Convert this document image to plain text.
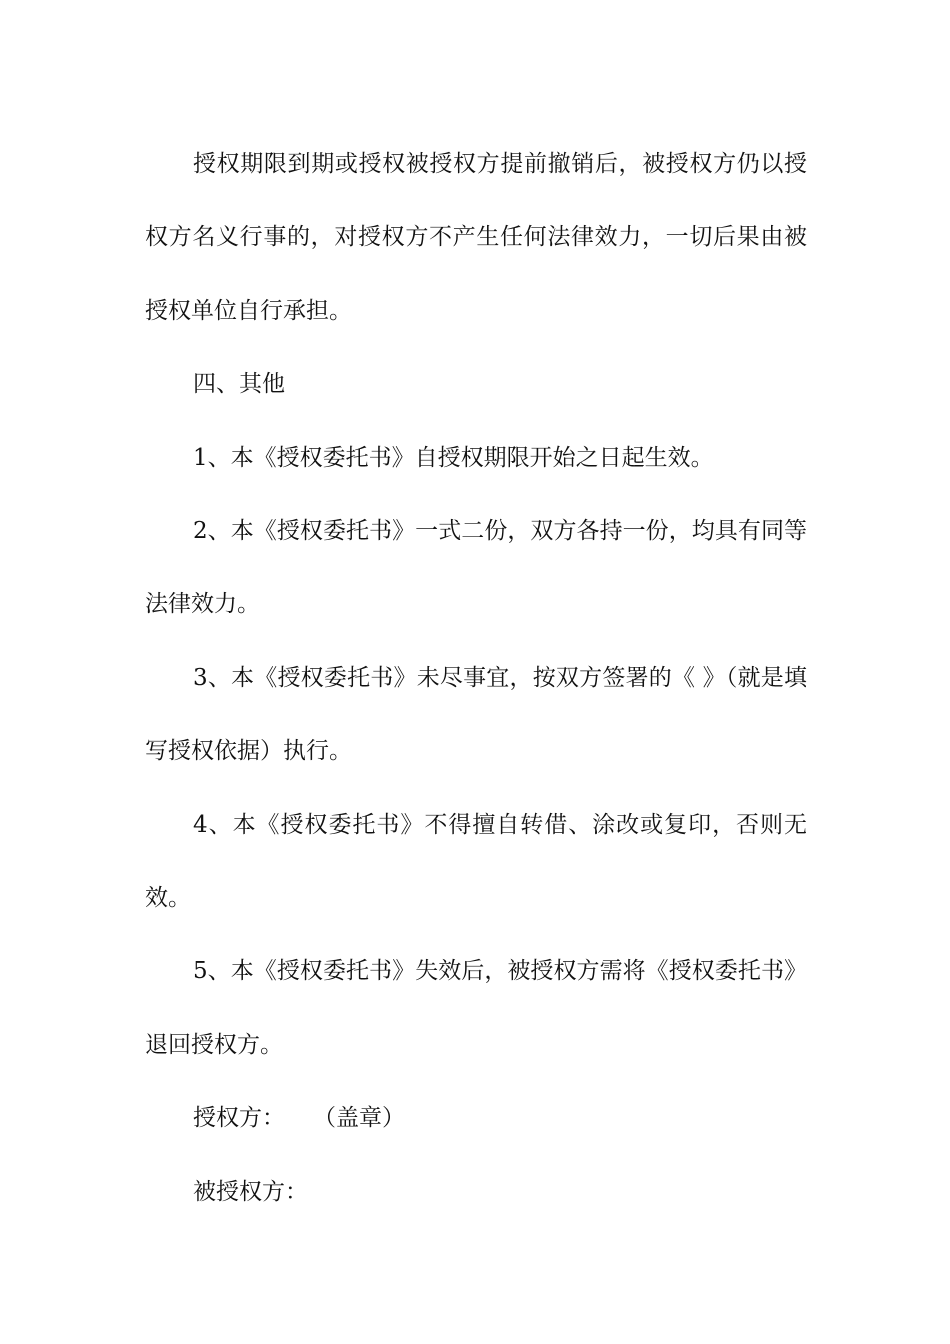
授权期限到期或授权被授权方提前撤销后，被授权方仍以授权方名义行事的，对授权方不产生任何法律效力，一切后果由被授权单位自行承担。

四、其他

1、本《授权委托书》自授权期限开始之日起生效。

2、本《授权委托书》一式二份，双方各持一份，均具有同等法律效力。

3、本《授权委托书》未尽事宜，按双方签署的《 》（就是填写授权依据）执行。

4、本《授权委托书》不得擅自转借、涂改或复印，否则无效。

5、本《授权委托书》失效后，被授权方需将《授权委托书》退回授权方。

授权方： （盖章）

被授权方：
